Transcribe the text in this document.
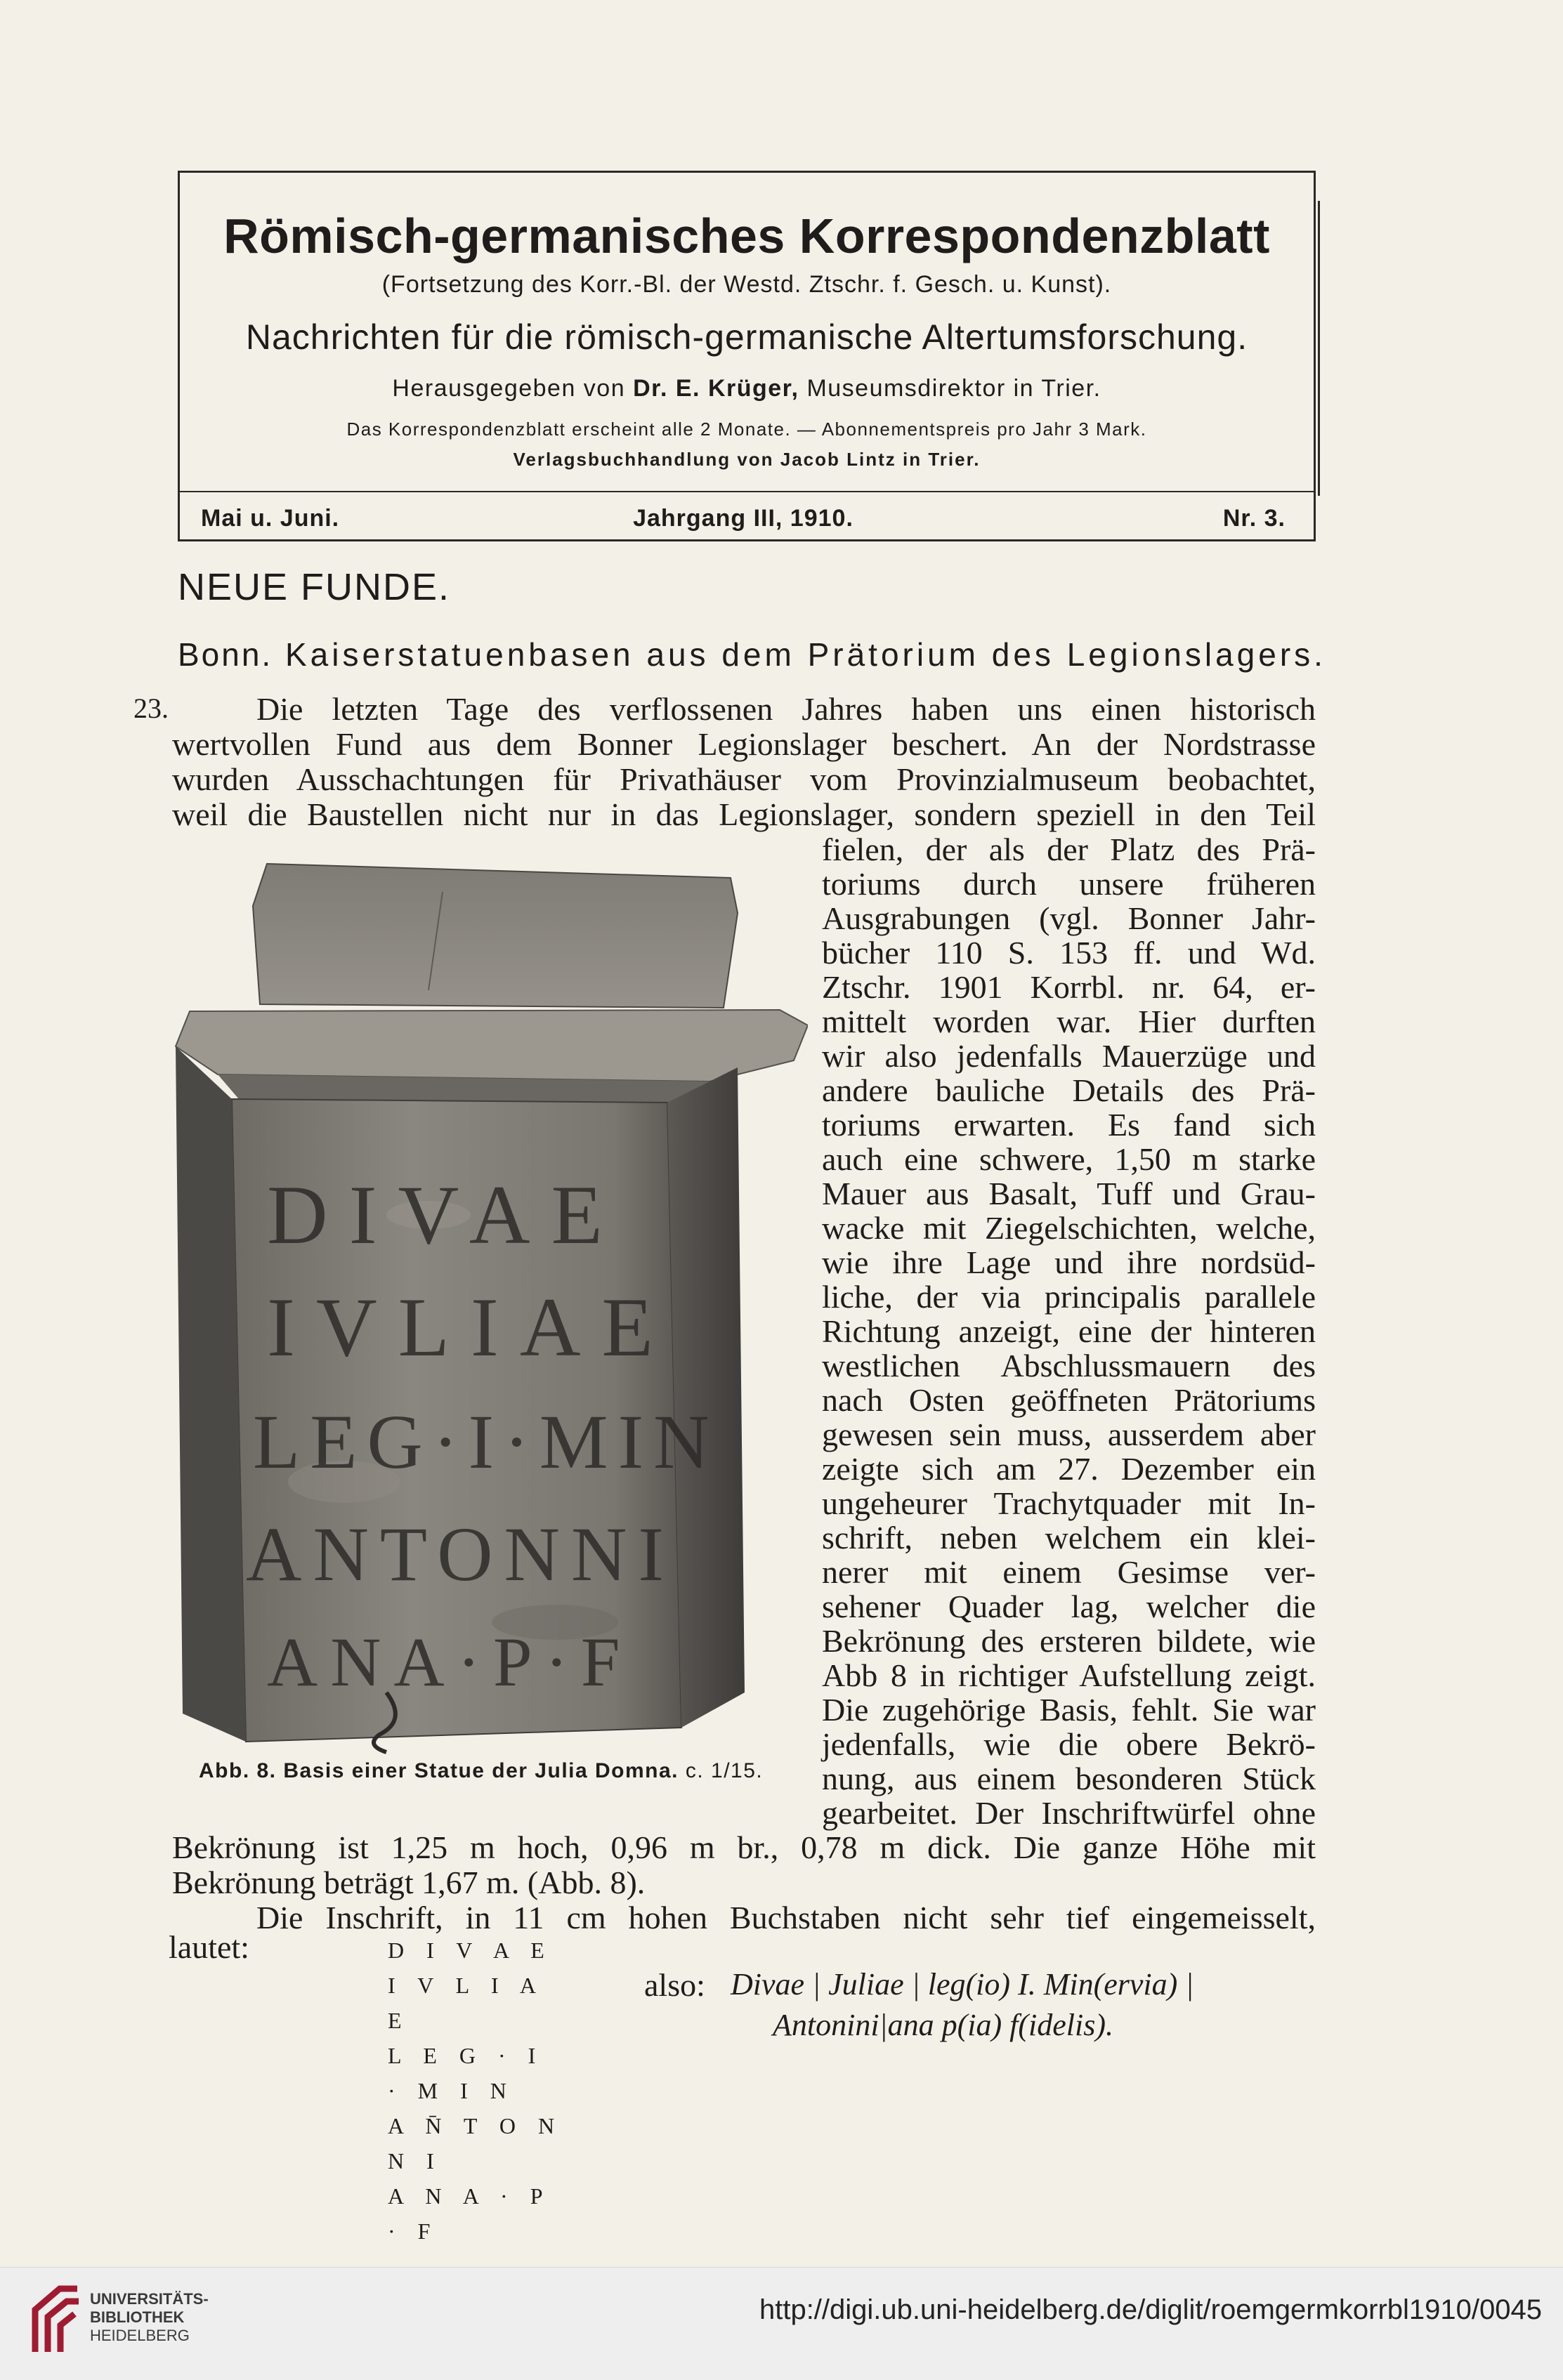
Römisch-germanisches Korrespondenzblatt
(Fortsetzung des Korr.-Bl. der Westd. Ztschr. f. Gesch. u. Kunst).
Nachrichten für die römisch-germanische Altertumsforschung.
Herausgegeben von Dr. E. Krüger, Museumsdirektor in Trier.
Das Korrespondenzblatt erscheint alle 2 Monate. — Abonnementspreis pro Jahr 3 Mark.
Verlagsbuchhandlung von Jacob Lintz in Trier.
Mai u. Juni.	Jahrgang III, 1910.	Nr. 3.
NEUE FUNDE.
Bonn. Kaiserstatuenbasen aus dem Prätorium des Legionslagers.
23.	Die letzten Tage des verflossenen Jahres haben uns einen historisch
wertvollen Fund aus dem Bonner Legionslager beschert. An der Nordstrasse
wurden Ausschachtungen für Privathäuser vom Provinzialmuseum beobachtet,
weil die Baustellen nicht nur in das Legionslager, sondern speziell in den Teil
fielen, der als der Platz des Prä-
toriums durch unsere früheren
Ausgrabungen (vgl. Bonner Jahr-
bücher 110 S. 153 ff. und Wd.
Ztschr. 1901 Korrbl. nr. 64, er-
mittelt worden war. Hier durften
wir also jedenfalls Mauerzüge und
andere bauliche Details des Prä-
toriums erwarten. Es fand sich
auch eine schwere, 1,50 m starke
Mauer aus Basalt, Tuff und Grau-
wacke mit Ziegelschichten, welche,
wie ihre Lage und ihre nordsüd-
liche, der via principalis parallele
Richtung anzeigt, eine der hinteren
westlichen Abschlussmauern des
nach Osten geöffneten Prätoriums
gewesen sein muss, ausserdem aber
zeigte sich am 27. Dezember ein
ungeheurer Trachytquader mit In-
schrift, neben welchem ein klei-
nerer mit einem Gesimse ver-
sehener Quader lag, welcher die
Bekrönung des ersteren bildete, wie
Abb 8 in richtiger Aufstellung zeigt.
Die zugehörige Basis, fehlt. Sie war
jedenfalls, wie die obere Bekrö-
nung, aus einem besonderen Stück
gearbeitet. Der Inschriftwürfel ohne
Bekrönung ist 1,25 m hoch, 0,96 m br., 0,78 m dick. Die ganze Höhe mit
Bekrönung beträgt 1,67 m. (Abb. 8).
Die Inschrift, in 11 cm hohen Buchstaben nicht sehr tief eingemeisselt,
lautet:
DIVAE
IVLIAE
LEG·I·MIN
ANTONNI
ANA·P·F
Abb. 8. Basis einer Statue der Julia Domna. c. 1/15.
D I V A E
I V L I A E
L E G · I · M I N
A N̄ T O N N I
A N A · P · F
also: Divae | Juliae | leg(io) I. Min(ervia) |
Antonini|ana p(ia) f(idelis).
UNIVERSITÄTS-
BIBLIOTHEK
HEIDELBERG
http://digi.ub.uni-heidelberg.de/diglit/roemgermkorrbl1910/0045
